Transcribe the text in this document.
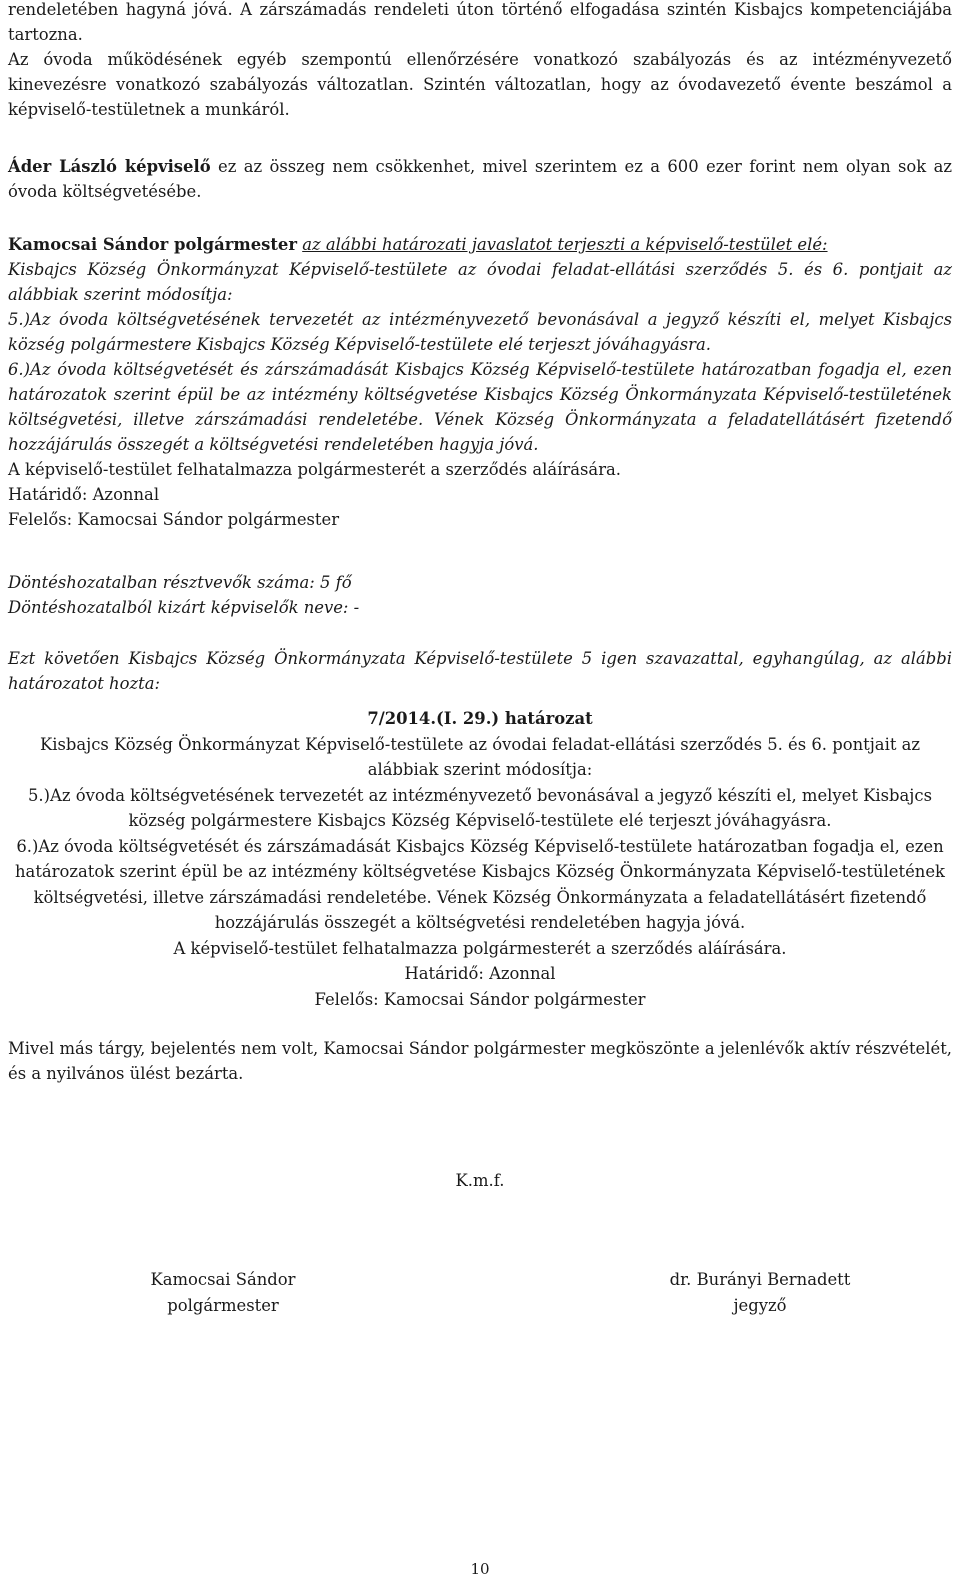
rendeletében hagyná jóvá. A zárszámadás rendeleti úton történő elfogadása szintén Kisbajcs kompetenciájába tartozna.

Az óvoda működésének egyéb szempontú ellenőrzésére vonatkozó szabályozás és az intézményvezető kinevezésre vonatkozó szabályozás változatlan. Szintén változatlan, hogy az óvodavezető évente beszámol a képviselő-testületnek a munkáról.

Áder László képviselő ez az összeg nem csökkenhet, mivel szerintem ez a 600 ezer forint nem olyan sok az óvoda költségvetésébe.

Kamocsai Sándor polgármester az alábbi határozati javaslatot terjeszti a képviselő-testület elé:

Kisbajcs Község Önkormányzat Képviselő-testülete az óvodai feladat-ellátási szerződés 5. és 6. pontjait az alábbiak szerint módosítja:

5.)Az óvoda költségvetésének tervezetét az intézményvezető bevonásával a jegyző készíti el, melyet Kisbajcs község polgármestere Kisbajcs Község Képviselő-testülete elé terjeszt jóváhagyásra.

6.)Az óvoda költségvetését és zárszámadását Kisbajcs Község Képviselő-testülete határozatban fogadja el, ezen határozatok szerint épül be az intézmény költségvetése Kisbajcs Község Önkormányzata Képviselő-testületének költségvetési, illetve zárszámadási rendeletébe. Vének Község Önkormányzata a feladatellátásért fizetendő hozzájárulás összegét a költségvetési rendeletében hagyja jóvá.

A képviselő-testület felhatalmazza polgármesterét a szerződés aláírására.

Határidő: Azonnal

Felelős: Kamocsai Sándor polgármester

Döntéshozatalban résztvevők száma: 5 fő

Döntéshozatalból kizárt képviselők neve: -

Ezt követően Kisbajcs Község Önkormányzata Képviselő-testülete 5 igen szavazattal, egyhangúlag, az alábbi határozatot hozta:

7/2014.(I. 29.) határozat

Kisbajcs Község Önkormányzat Képviselő-testülete az óvodai feladat-ellátási szerződés 5. és 6. pontjait az alábbiak szerint módosítja:

5.)Az óvoda költségvetésének tervezetét az intézményvezető bevonásával a jegyző készíti el, melyet Kisbajcs község polgármestere Kisbajcs Község Képviselő-testülete elé terjeszt jóváhagyásra.

6.)Az óvoda költségvetését és zárszámadását Kisbajcs Község Képviselő-testülete határozatban fogadja el, ezen határozatok szerint épül be az intézmény költségvetése Kisbajcs Község Önkormányzata Képviselő-testületének költségvetési, illetve zárszámadási rendeletébe. Vének Község Önkormányzata a feladatellátásért fizetendő hozzájárulás összegét a költségvetési rendeletében hagyja jóvá.

A képviselő-testület felhatalmazza polgármesterét a szerződés aláírására.

Határidő: Azonnal

Felelős: Kamocsai Sándor polgármester

Mivel más tárgy, bejelentés nem volt, Kamocsai Sándor polgármester megköszönte a jelenlévők aktív részvételét, és a nyilvános ülést bezárta.

K.m.f.
Kamocsai Sándor
polgármester
dr. Burányi Bernadett
jegyző
10
